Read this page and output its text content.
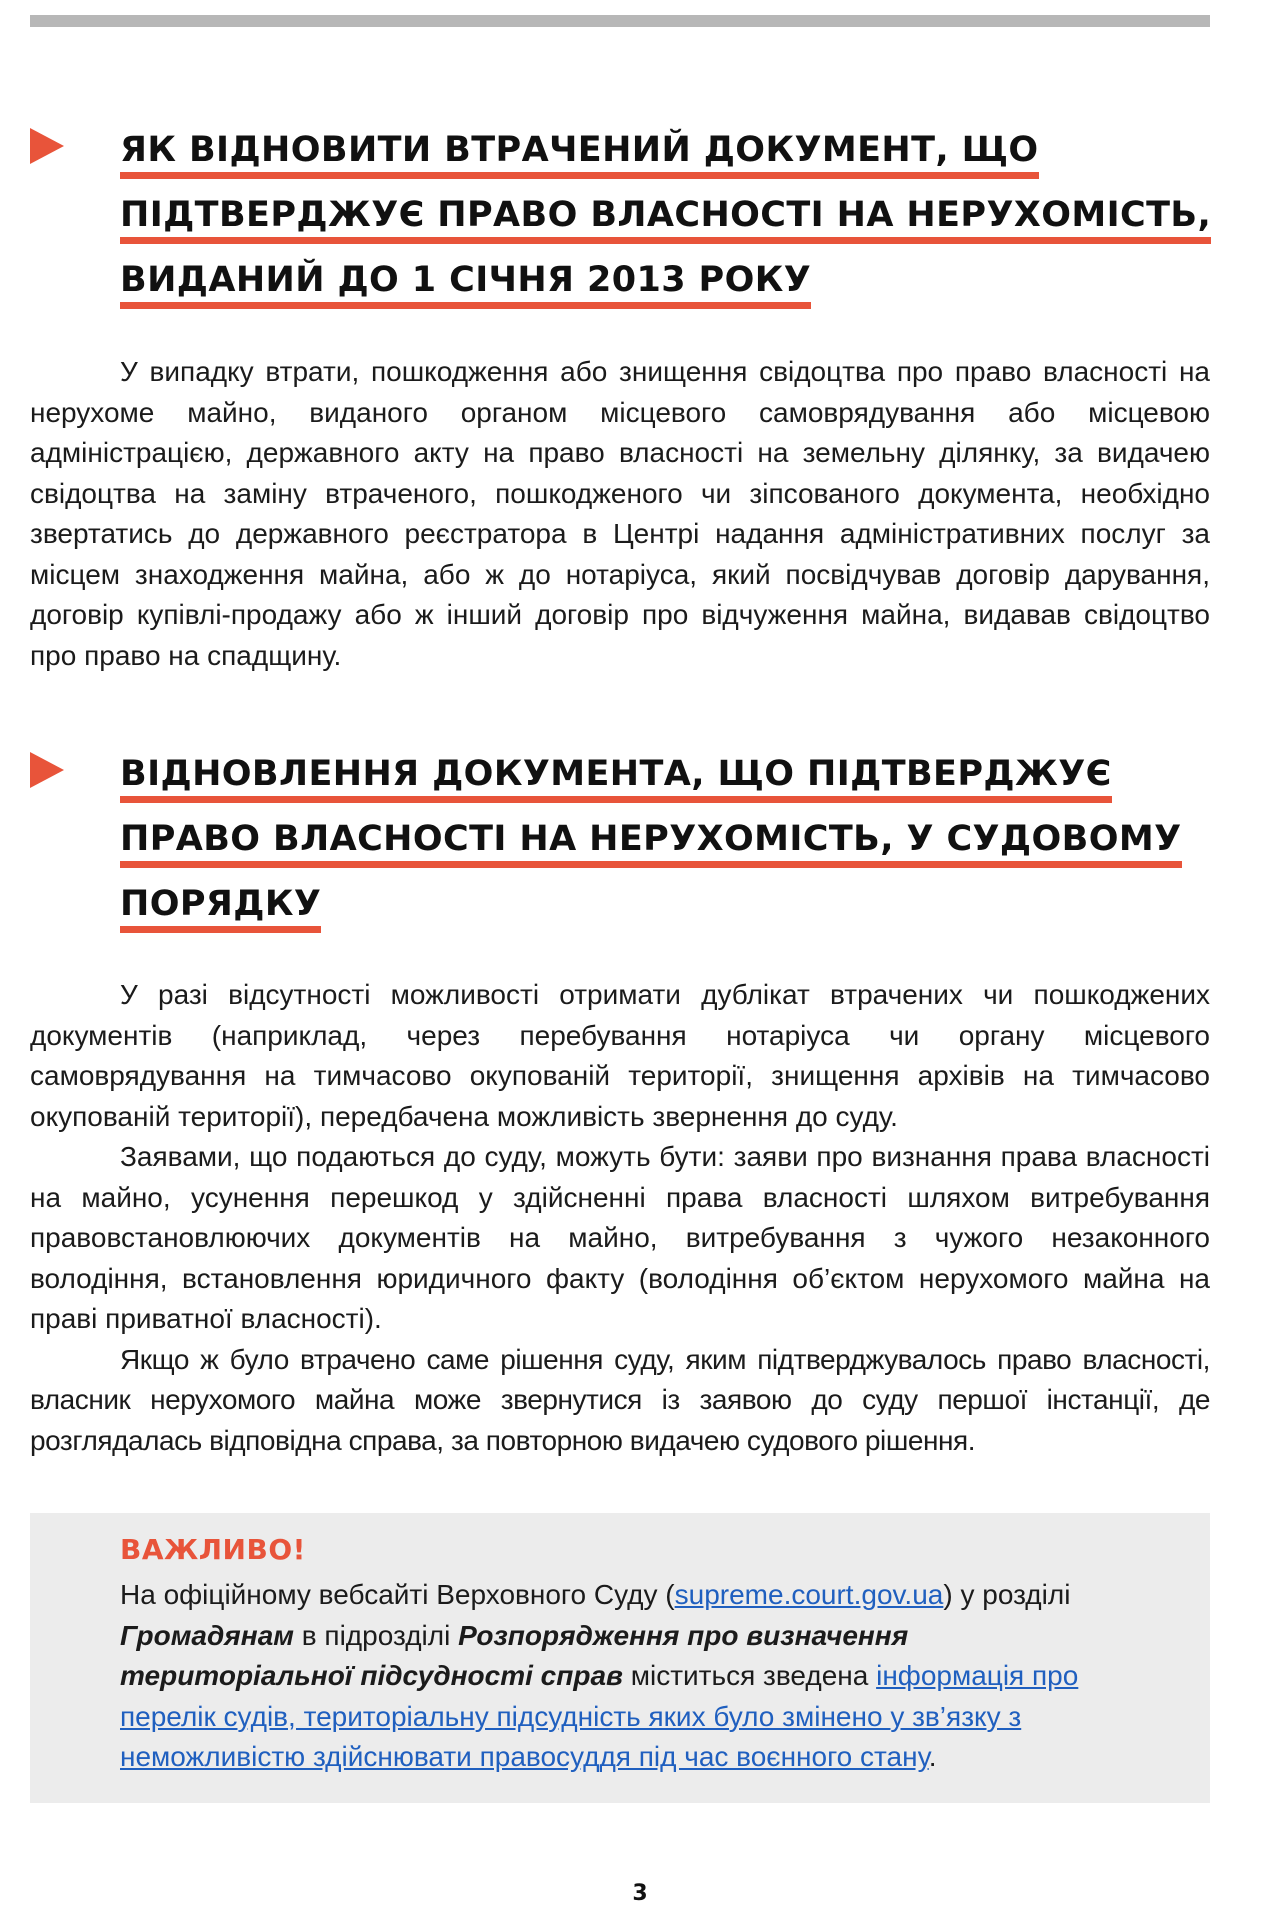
ЯК ВІДНОВИТИ ВТРАЧЕНИЙ ДОКУМЕНТ, ЩО
ПІДТВЕРДЖУЄ ПРАВО ВЛАСНОСТІ НА НЕРУХОМІСТЬ,
ВИДАНИЙ ДО 1 СІЧНЯ 2013 РОКУ

У випадку втрати, пошкодження або знищення свідоцтва про право власності на нерухоме майно, виданого органом місцевого самоврядування або місцевою адміністрацією, державного акту на право власності на земельну ділянку, за видачею свідоцтва на заміну втраченого, пошкодженого чи зіпсованого документа, необхідно звертатись до державного реєстратора в Центрі надання адміністративних послуг за місцем знаходження майна, або ж до нотаріуса, який посвідчував договір дарування, договір купівлі-продажу або ж інший договір про відчуження майна, видавав свідоцтво про право на спадщину.

ВІДНОВЛЕННЯ ДОКУМЕНТА, ЩО ПІДТВЕРДЖУЄ
ПРАВО ВЛАСНОСТІ НА НЕРУХОМІСТЬ, У СУДОВОМУ
ПОРЯДКУ

У разі відсутності можливості отримати дублікат втрачених чи пошкоджених документів (наприклад, через перебування нотаріуса чи органу місцевого самоврядування на тимчасово окупованій території, знищення архівів на тимчасово окупованій території), передбачена можливість звернення до суду.

Заявами, що подаються до суду, можуть бути: заяви про визнання права власності на майно, усунення перешкод у здійсненні права власності шляхом витребування правовстановлюючих документів на майно, витребування з чужого незаконного володіння, встановлення юридичного факту (володіння об’єктом нерухомого майна на праві приватної власності).

Якщо ж було втрачено саме рішення суду, яким підтверджувалось право власності, власник нерухомого майна може звернутися із заявою до суду першої інстанції, де розглядалась відповідна справа, за повторною видачею судового рішення.

ВАЖЛИВО!
На офіційному вебсайті Верховного Суду (supreme.court.gov.ua) у розділі Громадянам в підрозділі Розпорядження про визначення територіальної підсудності справ міститься зведена інформація про перелік судів, територіальну підсудність яких було змінено у зв’язку з неможливістю здійснювати правосуддя під час воєнного стану.
3
